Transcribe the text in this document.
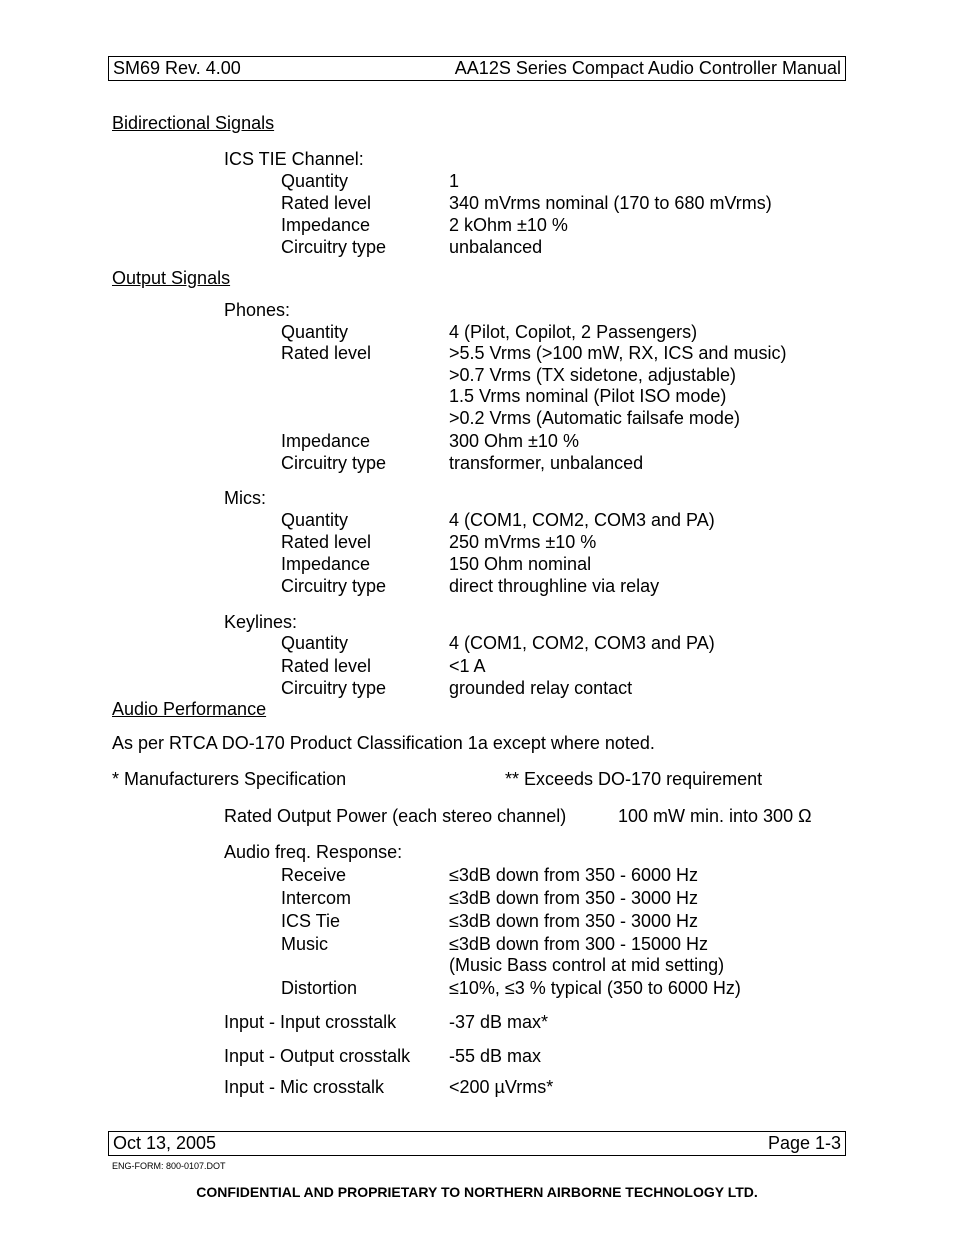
SM69 Rev. 4.00	AA12S Series Compact Audio Controller Manual
Bidirectional Signals
ICS TIE Channel:
Quantity	1
Rated level	340 mVrms nominal (170 to 680 mVrms)
Impedance	2 kOhm ±10 %
Circuitry type	unbalanced
Output Signals
Phones:
Quantity	4 (Pilot, Copilot, 2 Passengers)
Rated level	>5.5 Vrms (>100 mW, RX, ICS and music)
>0.7 Vrms (TX sidetone, adjustable)
1.5 Vrms nominal (Pilot ISO mode)
>0.2 Vrms (Automatic failsafe mode)
Impedance	300 Ohm ±10 %
Circuitry type	transformer, unbalanced
Mics:
Quantity	4 (COM1, COM2, COM3 and PA)
Rated level	250 mVrms ±10 %
Impedance	150 Ohm nominal
Circuitry type	direct throughline via relay
Keylines:
Quantity	4 (COM1, COM2, COM3 and PA)
Rated level	<1 A
Circuitry type	grounded relay contact
Audio Performance
As per RTCA DO-170 Product Classification 1a except where noted.
* Manufacturers Specification	** Exceeds DO-170 requirement
Rated Output Power (each stereo channel)	100 mW min. into 300 Ω
Audio freq. Response:
Receive	≤3dB down from 350 - 6000 Hz
Intercom	≤3dB down from 350 - 3000 Hz
ICS Tie	≤3dB down from 350 - 3000 Hz
Music	≤3dB down from 300 - 15000 Hz
(Music Bass control at mid setting)
Distortion	≤10%, ≤3 % typical (350 to 6000 Hz)
Input - Input crosstalk	-37 dB max*
Input - Output crosstalk -55 dB max
Input - Mic crosstalk	<200 µVrms*
Oct 13, 2005	Page 1-3
ENG-FORM: 800-0107.DOT
CONFIDENTIAL AND PROPRIETARY TO NORTHERN AIRBORNE TECHNOLOGY LTD.
